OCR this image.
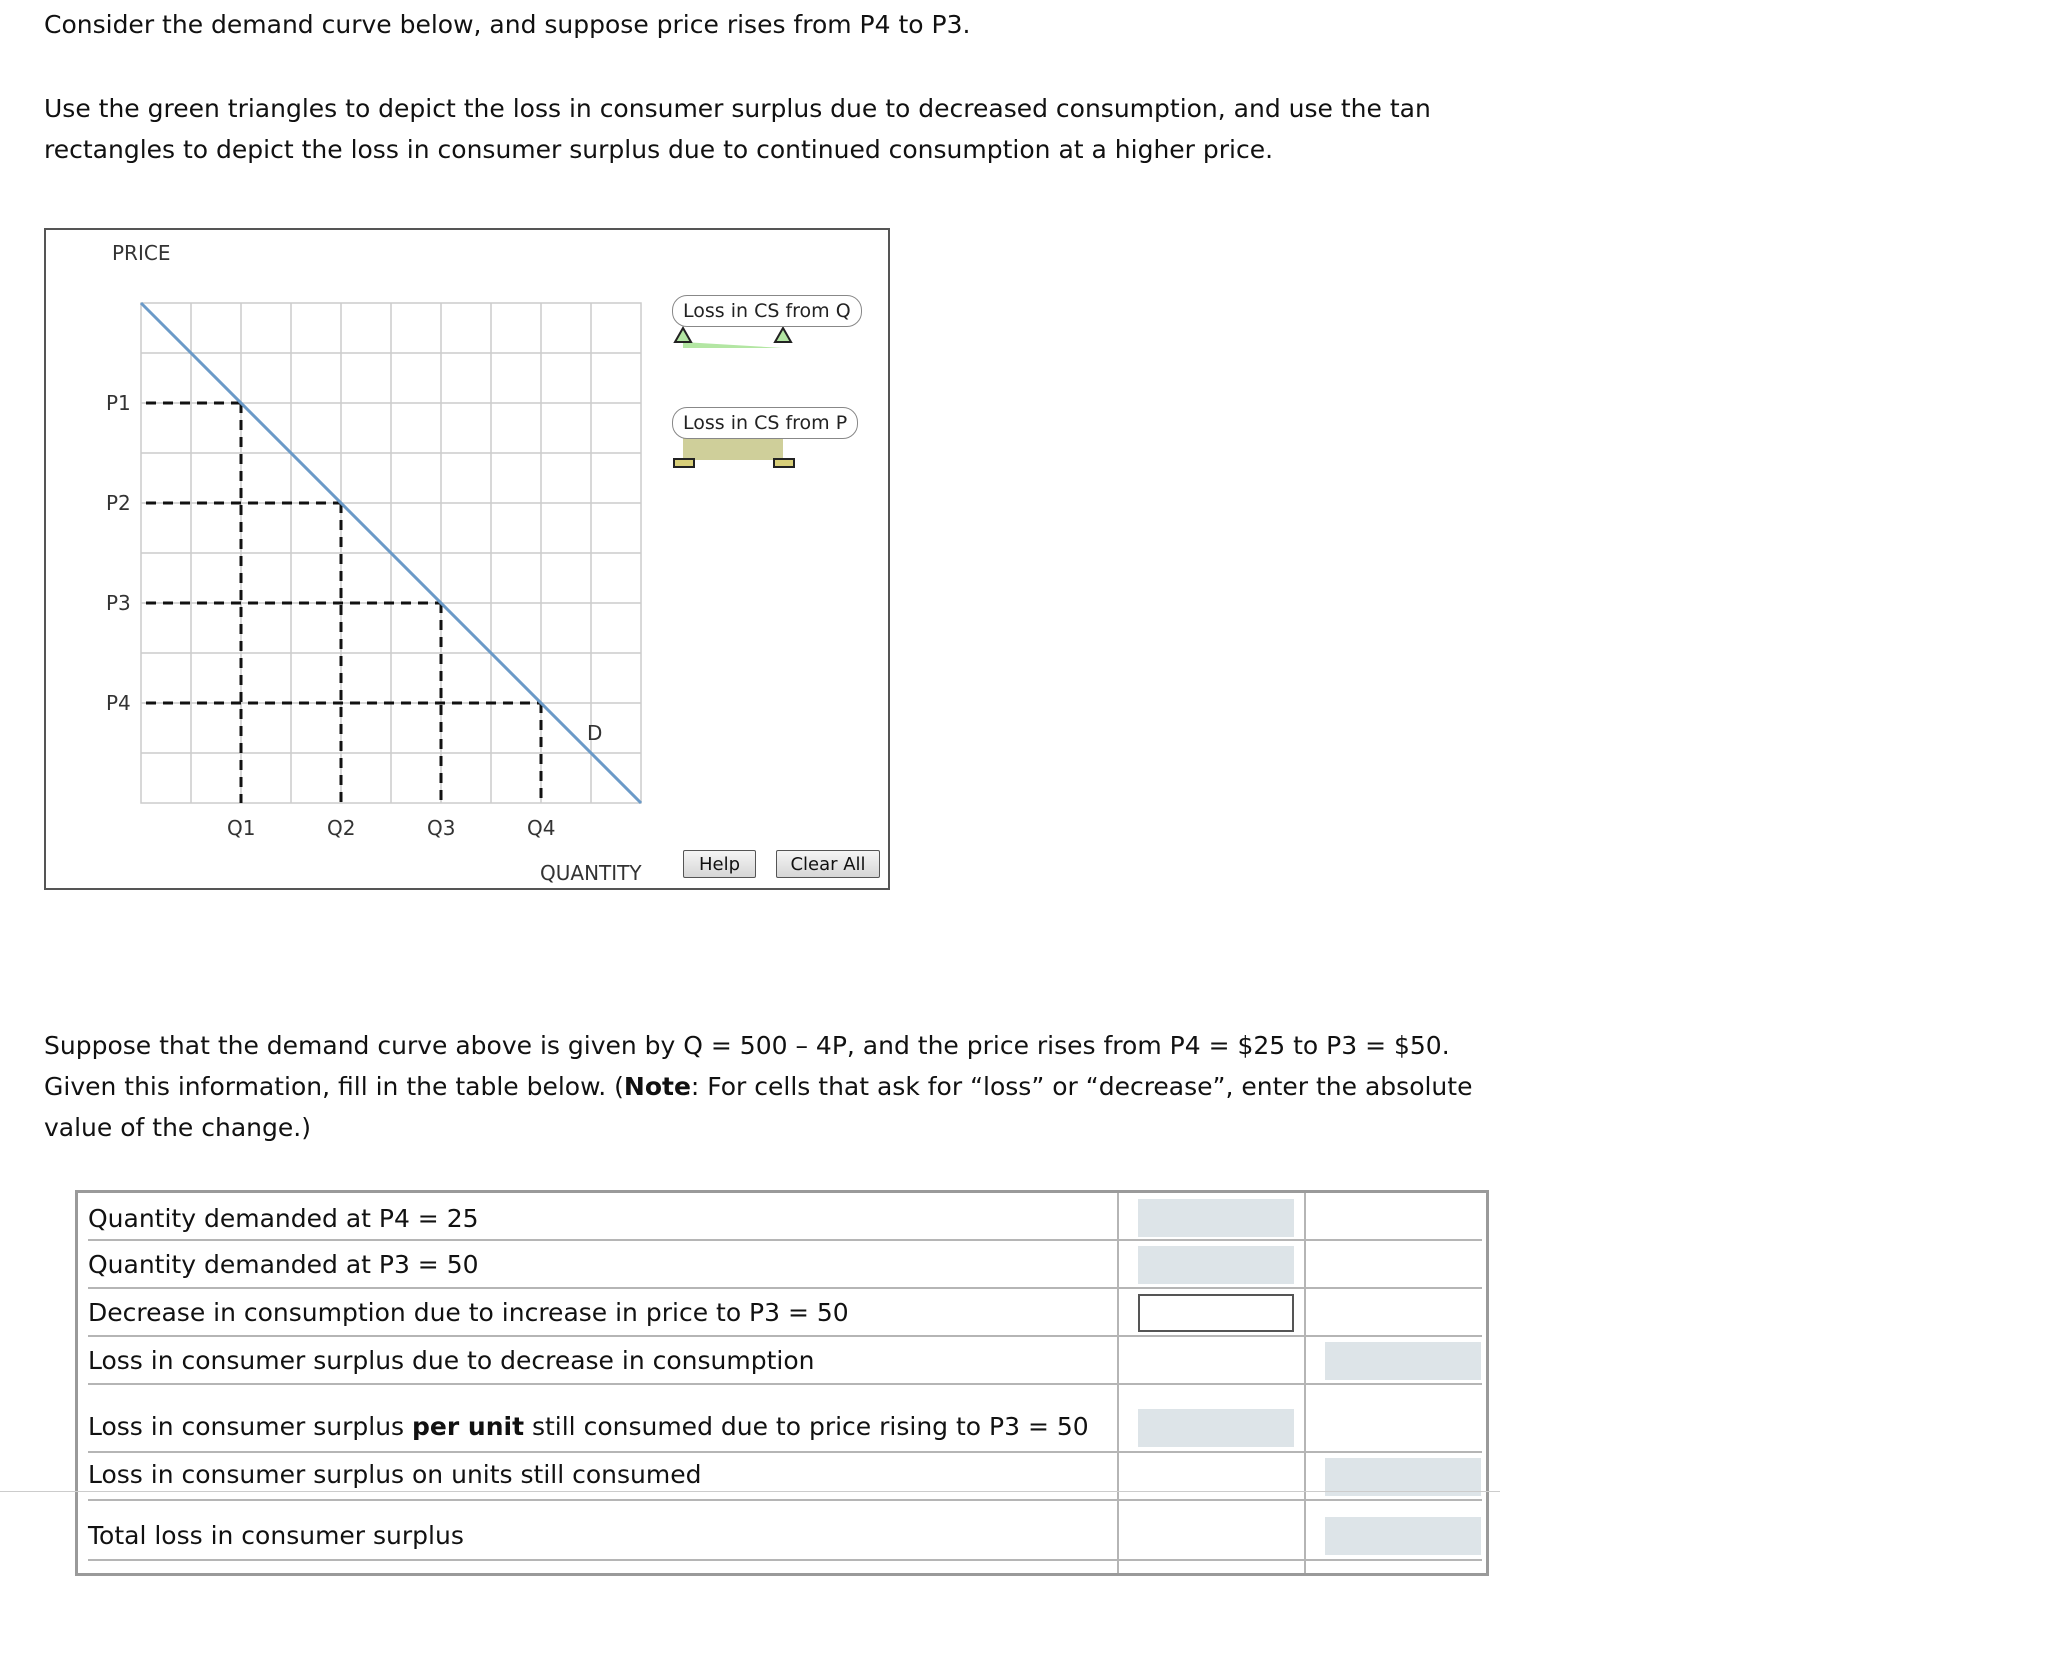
Consider the demand curve below, and suppose price rises from P4 to P3.

Use the green triangles to depict the loss in consumer surplus due to decreased consumption, and use the tan rectangles to depict the loss in consumer surplus due to continued consumption at a higher price.

PRICE
D
P1
P2
P3
P4
Q1	Q2	Q3	Q4
QUANTITY
Loss in CS from Q
Loss in CS from P
Help	Clear All

Suppose that the demand curve above is given by Q = 500 – 4P, and the price rises from P4 = $25 to P3 = $50. Given this information, fill in the table below. (Note: For cells that ask for “loss” or “decrease”, enter the absolute value of the change.)

Quantity demanded at P4 = 25
Quantity demanded at P3 = 50
Decrease in consumption due to increase in price to P3 = 50
Loss in consumer surplus due to decrease in consumption
Loss in consumer surplus per unit still consumed due to price rising to P3 = 50
Loss in consumer surplus on units still consumed
Total loss in consumer surplus
